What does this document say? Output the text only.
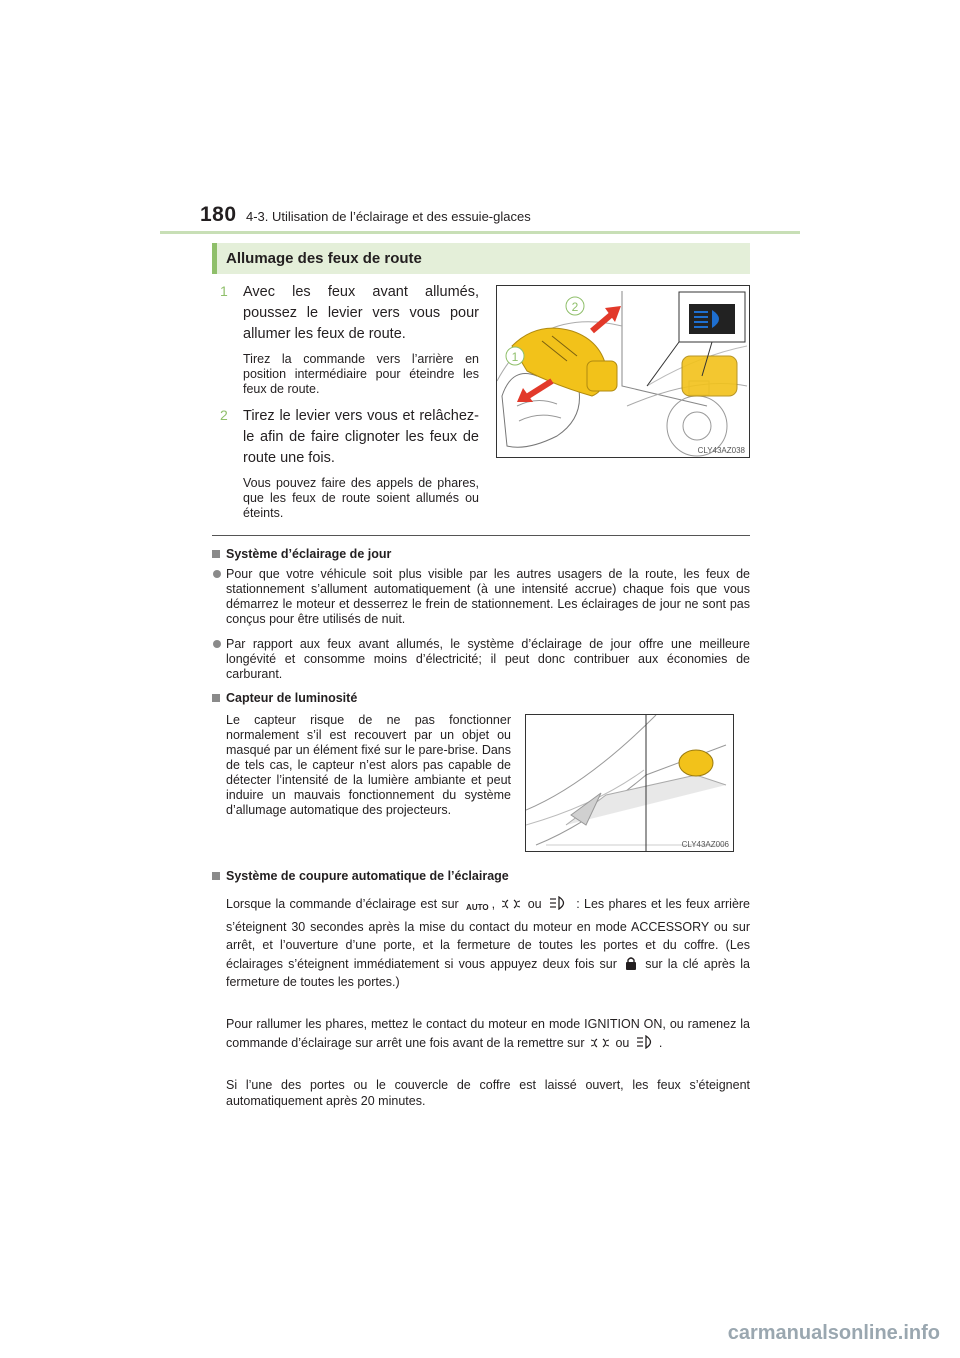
180 4-3. Utilisation de l’éclairage et des essuie-glaces
Allumage des feux de route
1 Avec les feux avant allumés, poussez le levier vers vous pour allumer les feux de route.
Tirez la commande vers l’arrière en position intermédiaire pour éteindre les feux de route.
2 Tirez le levier vers vous et relâchez-le afin de faire clignoter les feux de route une fois.
Vous pouvez faire des appels de phares, que les feux de route soient allumés ou éteints.
2
1
CLY43AZ038
Système d’éclairage de jour
Pour que votre véhicule soit plus visible par les autres usagers de la route, les feux de stationnement s’allument automatiquement (à une intensité accrue) chaque fois que vous démarrez le moteur et desserrez le frein de stationnement. Les éclairages de jour ne sont pas conçus pour être utilisés de nuit.
Par rapport aux feux avant allumés, le système d’éclairage de jour offre une meilleure longévité et consomme moins d’électricité; il peut donc contribuer aux économies de carburant.
Capteur de luminosité
Le capteur risque de ne pas fonctionner normalement s’il est recouvert par un objet ou masqué par un élément fixé sur le pare-brise. Dans de tels cas, le capteur n’est alors pas capable de détecter l’intensité de la lumière ambiante et peut induire un mauvais fonctionnement du système d’allumage automatique des projecteurs.
CLY43AZ006
Système de coupure automatique de l’éclairage
Lorsque la commande d’éclairage est sur AUTO ,	ou	: Les phares et les feux arrière s’éteignent 30 secondes après la mise du contact du moteur en mode ACCESSORY ou sur arrêt, et l’ouverture d’une porte, et la fermeture de toutes les portes et du coffre. (Les éclairages s’éteignent immédiatement si vous appuyez deux fois sur sur la clé après la fermeture de toutes les portes.)
Pour rallumer les phares, mettez le contact du moteur en mode IGNITION ON, ou ramenez la commande d’éclairage sur arrêt une fois avant de la remettre sur ou .
Si l’une des portes ou le couvercle de coffre est laissé ouvert, les feux s’éteignent automatiquement après 20 minutes.
carmanualsonline.info
